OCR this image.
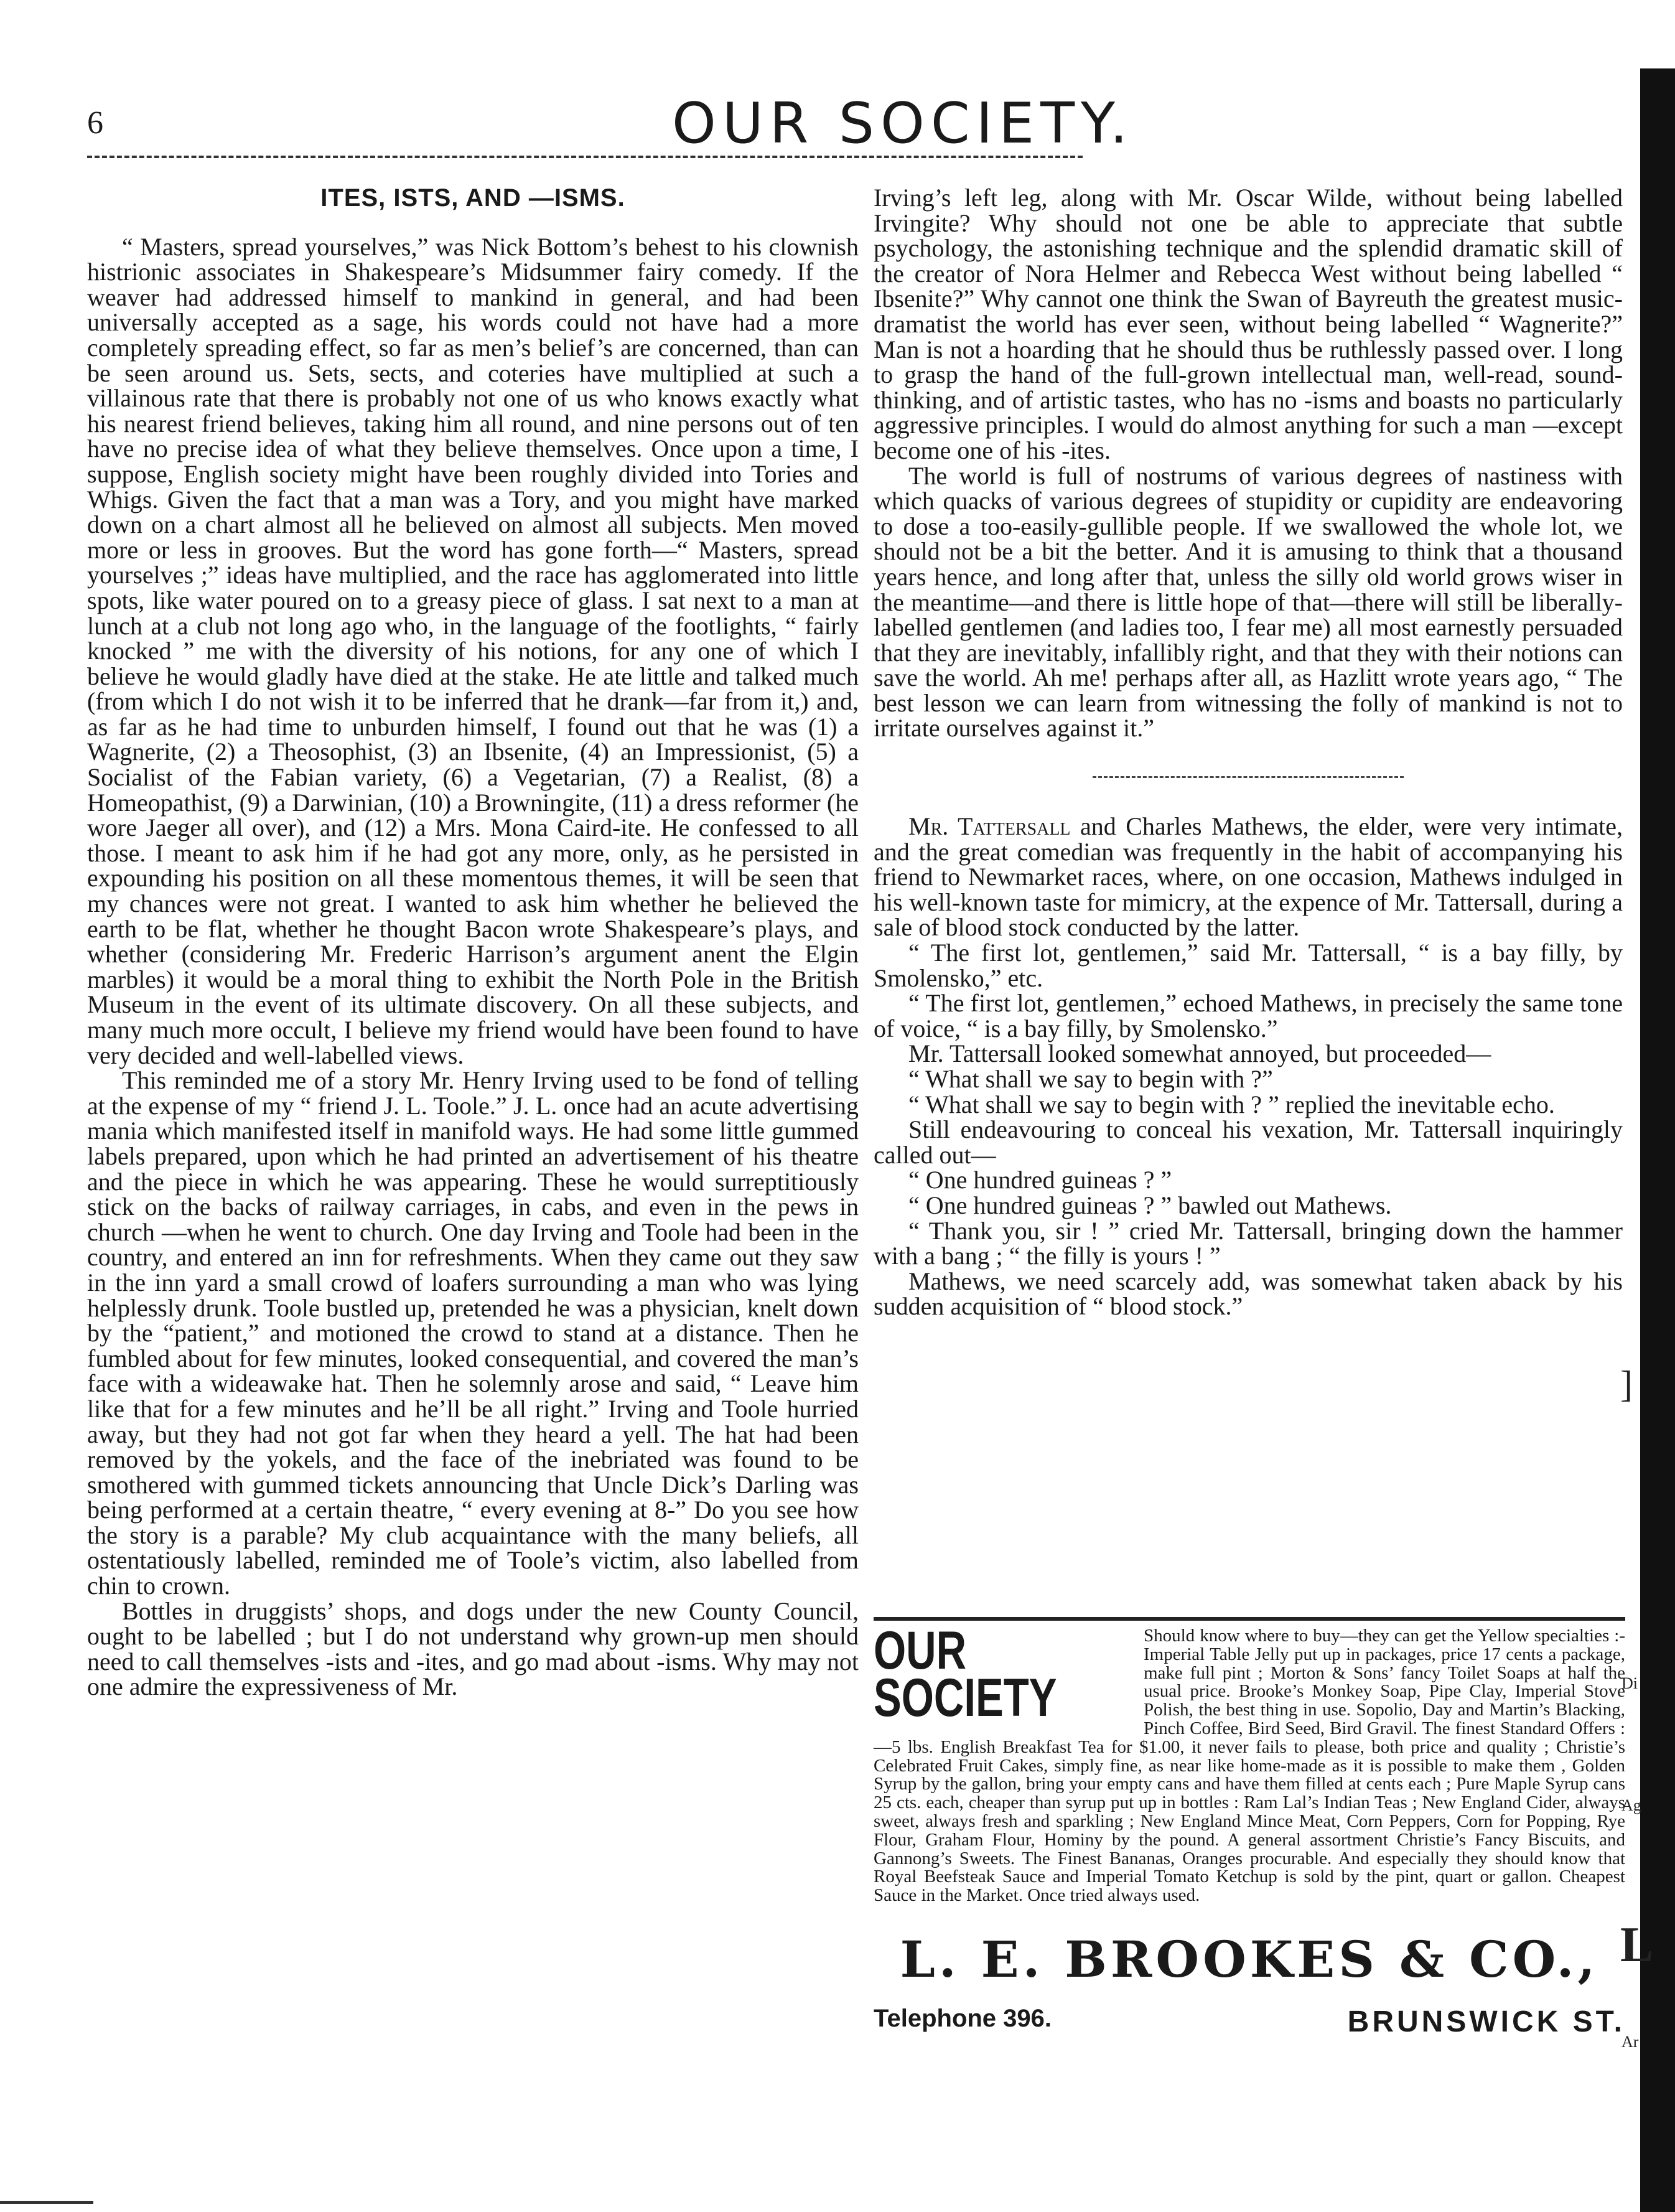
6	OUR SOCIETY.
ITES, ISTS, AND —ISMS.

“ Masters, spread yourselves,” was Nick Bottom’s behest to his clownish histrionic associates in Shakespeare’s Midsummer fairy comedy. If the weaver had addressed himself to mankind in general, and had been universally accepted as a sage, his words could not have had a more completely spreading effect, so far as men’s belief’s are concerned, than can be seen around us. Sets, sects, and coteries have multiplied at such a villainous rate that there is probably not one of us who knows exactly what his nearest friend believes, taking him all round, and nine persons out of ten have no precise idea of what they believe themselves. Once upon a time, I suppose, English society might have been roughly divided into Tories and Whigs. Given the fact that a man was a Tory, and you might have marked down on a chart almost all he believed on almost all subjects. Men moved more or less in grooves. But the word has gone forth—“ Masters, spread yourselves ;” ideas have multiplied, and the race has agglomerated into little spots, like water poured on to a greasy piece of glass. I sat next to a man at lunch at a club not long ago who, in the language of the footlights, “ fairly knocked ” me with the diversity of his notions, for any one of which I believe he would gladly have died at the stake. He ate little and talked much (from which I do not wish it to be inferred that he drank—far from it,) and, as far as he had time to unburden himself, I found out that he was (1) a Wagnerite, (2) a Theosophist, (3) an Ibsenite, (4) an Impressionist, (5) a Socialist of the Fabian variety, (6) a Vegetarian, (7) a Realist, (8) a Homeopathist, (9) a Darwinian, (10) a Browningite, (11) a dress reformer (he wore Jaeger all over), and (12) a Mrs. Mona Caird-ite. He confessed to all those. I meant to ask him if he had got any more, only, as he persisted in expounding his position on all these momentous themes, it will be seen that my chances were not great. I wanted to ask him whether he believed the earth to be flat, whether he thought Bacon wrote Shakespeare’s plays, and whether (considering Mr. Frederic Harrison’s argument anent the Elgin marbles) it would be a moral thing to exhibit the North Pole in the British Museum in the event of its ultimate discovery. On all these subjects, and many much more occult, I believe my friend would have been found to have very decided and well-labelled views.

This reminded me of a story Mr. Henry Irving used to be fond of telling at the expense of my “ friend J. L. Toole.” J. L. once had an acute advertising mania which manifested itself in manifold ways. He had some little gummed labels prepared, upon which he had printed an advertisement of his theatre and the piece in which he was appearing. These he would surreptitiously stick on the backs of railway carriages, in cabs, and even in the pews in church —when he went to church. One day Irving and Toole had been in the country, and entered an inn for refreshments. When they came out they saw in the inn yard a small crowd of loafers surrounding a man who was lying helplessly drunk. Toole bustled up, pretended he was a physician, knelt down by the “patient,” and motioned the crowd to stand at a distance. Then he fumbled about for few minutes, looked consequential, and covered the man’s face with a wideawake hat. Then he solemnly arose and said, “ Leave him like that for a few minutes and he’ll be all right.” Irving and Toole hurried away, but they had not got far when they heard a yell. The hat had been removed by the yokels, and the face of the inebriated was found to be smothered with gummed tickets announcing that Uncle Dick’s Darling was being performed at a certain theatre, “ every evening at 8-” Do you see how the story is a parable? My club acquaintance with the many beliefs, all ostentatiously labelled, reminded me of Toole’s victim, also labelled from chin to crown.

Bottles in druggists’ shops, and dogs under the new County Council, ought to be labelled ; but I do not understand why grown-up men should need to call themselves -ists and -ites, and go mad about -isms. Why may not one admire the expressiveness of Mr.

Irving’s left leg, along with Mr. Oscar Wilde, without being labelled Irvingite? Why should not one be able to appreciate that subtle psychology, the astonishing technique and the splendid dramatic skill of the creator of Nora Helmer and Rebecca West without being labelled “ Ibsenite?” Why cannot one think the Swan of Bayreuth the greatest music-dramatist the world has ever seen, without being labelled “ Wagnerite?” Man is not a hoarding that he should thus be ruthlessly passed over. I long to grasp the hand of the full-grown intellectual man, well-read, sound-thinking, and of artistic tastes, who has no -isms and boasts no particularly aggressive principles. I would do almost anything for such a man —except become one of his -ites.

The world is full of nostrums of various degrees of nastiness with which quacks of various degrees of stupidity or cupidity are endeavoring to dose a too-easily-gullible people. If we swallowed the whole lot, we should not be a bit the better. And it is amusing to think that a thousand years hence, and long after that, unless the silly old world grows wiser in the meantime—and there is little hope of that—there will still be liberally-labelled gentlemen (and ladies too, I fear me) all most earnestly persuaded that they are inevitably, infallibly right, and that they with their notions can save the world. Ah me! perhaps after all, as Hazlitt wrote years ago, “ The best lesson we can learn from witnessing the folly of mankind is not to irritate ourselves against it.”

Mr. Tattersall and Charles Mathews, the elder, were very intimate, and the great comedian was frequently in the habit of accompanying his friend to Newmarket races, where, on one occasion, Mathews indulged in his well-known taste for mimicry, at the expence of Mr. Tattersall, during a sale of blood stock conducted by the latter.

“ The first lot, gentlemen,” said Mr. Tattersall, “ is a bay filly, by Smolensko,” etc.

“ The first lot, gentlemen,” echoed Mathews, in precisely the same tone of voice, “ is a bay filly, by Smolensko.”

Mr. Tattersall looked somewhat annoyed, but proceeded—

“ What shall we say to begin with ?”

“ What shall we say to begin with ? ” replied the inevitable echo.

Still endeavouring to conceal his vexation, Mr. Tattersall inquiringly called out—

“ One hundred guineas ? ”

“ One hundred guineas ? ” bawled out Mathews.

“ Thank you, sir ! ” cried Mr. Tattersall, bringing down the hammer with a bang ; “ the filly is yours ! ”

Mathews, we need scarcely add, was somewhat taken aback by his sudden acquisition of “ blood stock.”

OUR SOCIETY
Should know where to buy—they can get the Yellow specialties :- Imperial Table Jelly put up in packages, price 17 cents a package, make full pint ; Morton & Sons’ fancy Toilet Soaps at half the usual price. Brooke’s Monkey Soap, Pipe Clay, Imperial Stove Polish, the best thing in use. Sopolio, Day and Martin’s Blacking, Pinch Coffee, Bird Seed, Bird Gravil. The finest Standard Offers :—5 lbs. English Breakfast Tea for $1.00, it never fails to please, both price and quality ; Christie’s Celebrated Fruit Cakes, simply fine, as near like home-made as it is possible to make them , Golden Syrup by the gallon, bring your empty cans and have them filled at cents each ; Pure Maple Syrup cans 25 cts. each, cheaper than syrup put up in bottles : Ram Lal’s Indian Teas ; New England Cider, always sweet, always fresh and sparkling ; New England Mince Meat, Corn Peppers, Corn for Popping, Rye Flour, Graham Flour, Hominy by the pound. A general assortment Christie’s Fancy Biscuits, and Gannong’s Sweets. The Finest Bananas, Oranges procurable. And especially they should know that Royal Beefsteak Sauce and Imperial Tomato Ketchup is sold by the pint, quart or gallon. Cheapest Sauce in the Market. Once tried always used.
L. E. BROOKES & CO.,
Telephone 396.	BRUNSWICK ST.
]
Di
Ag
L
Ar
